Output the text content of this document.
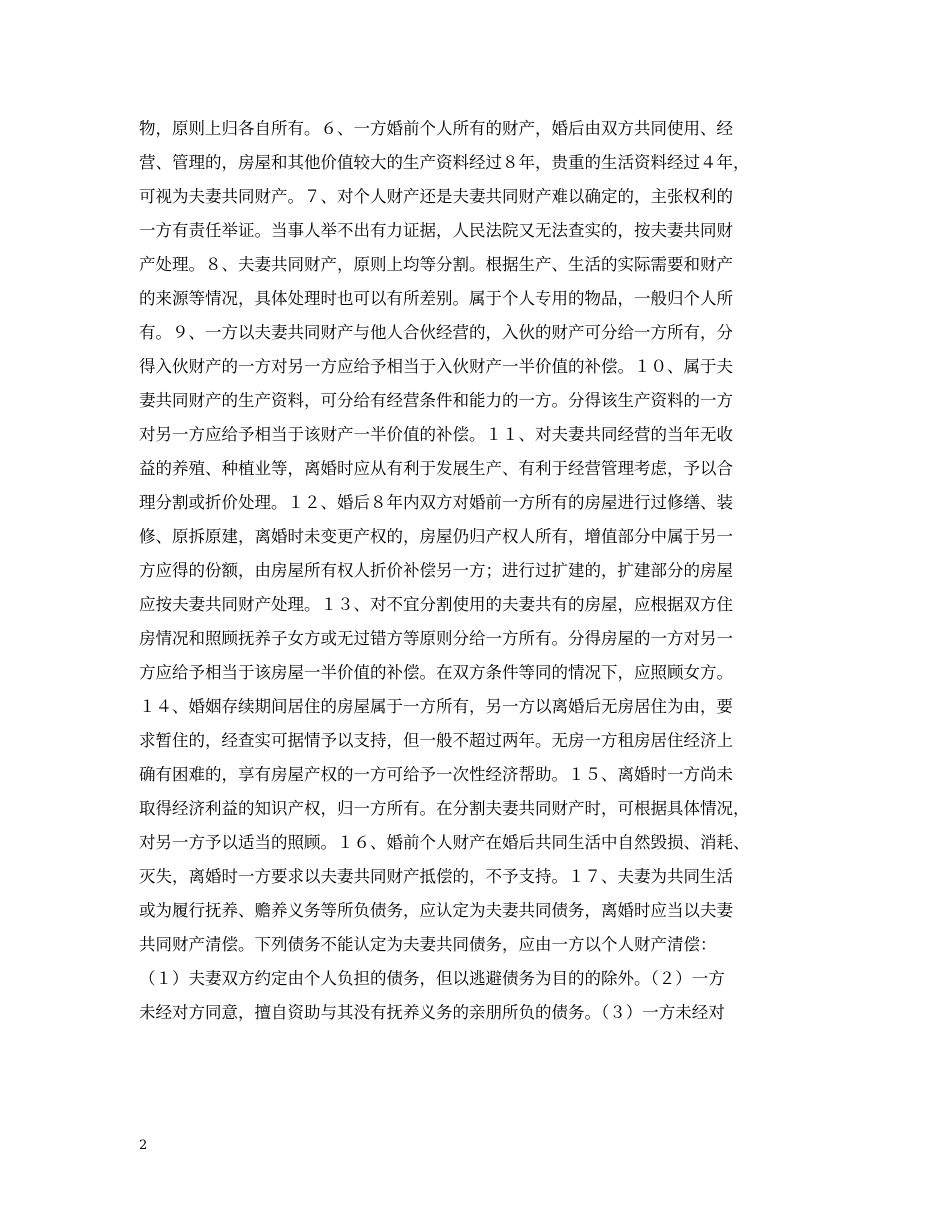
物，原则上归各自所有。６、一方婚前个人所有的财产，婚后由双方共同使用、经
营、管理的，房屋和其他价值较大的生产资料经过８年，贵重的生活资料经过４年，
可视为夫妻共同财产。７、对个人财产还是夫妻共同财产难以确定的，主张权利的
一方有责任举证。当事人举不出有力证据，人民法院又无法查实的，按夫妻共同财
产处理。８、夫妻共同财产，原则上均等分割。根据生产、生活的实际需要和财产
的来源等情况，具体处理时也可以有所差别。属于个人专用的物品，一般归个人所
有。９、一方以夫妻共同财产与他人合伙经营的，入伙的财产可分给一方所有，分
得入伙财产的一方对另一方应给予相当于入伙财产一半价值的补偿。１０、属于夫
妻共同财产的生产资料，可分给有经营条件和能力的一方。分得该生产资料的一方
对另一方应给予相当于该财产一半价值的补偿。１１、对夫妻共同经营的当年无收
益的养殖、种植业等，离婚时应从有利于发展生产、有利于经营管理考虑，予以合
理分割或折价处理。１２、婚后８年内双方对婚前一方所有的房屋进行过修缮、装
修、原拆原建，离婚时未变更产权的，房屋仍归产权人所有，增值部分中属于另一
方应得的份额，由房屋所有权人折价补偿另一方；进行过扩建的，扩建部分的房屋
应按夫妻共同财产处理。１３、对不宜分割使用的夫妻共有的房屋，应根据双方住
房情况和照顾抚养子女方或无过错方等原则分给一方所有。分得房屋的一方对另一
方应给予相当于该房屋一半价值的补偿。在双方条件等同的情况下，应照顾女方。
１４、婚姻存续期间居住的房屋属于一方所有，另一方以离婚后无房居住为由，要
求暂住的，经查实可据情予以支持，但一般不超过两年。无房一方租房居住经济上
确有困难的，享有房屋产权的一方可给予一次性经济帮助。１５、离婚时一方尚未
取得经济利益的知识产权，归一方所有。在分割夫妻共同财产时，可根据具体情况，
对另一方予以适当的照顾。１６、婚前个人财产在婚后共同生活中自然毁损、消耗、
灭失，离婚时一方要求以夫妻共同财产抵偿的，不予支持。１７、夫妻为共同生活
或为履行抚养、赡养义务等所负债务，应认定为夫妻共同债务，离婚时应当以夫妻
共同财产清偿。下列债务不能认定为夫妻共同债务，应由一方以个人财产清偿：
（１）夫妻双方约定由个人负担的债务，但以逃避债务为目的的除外。（２）一方
未经对方同意，擅自资助与其没有抚养义务的亲朋所负的债务。（３）一方未经对
2
